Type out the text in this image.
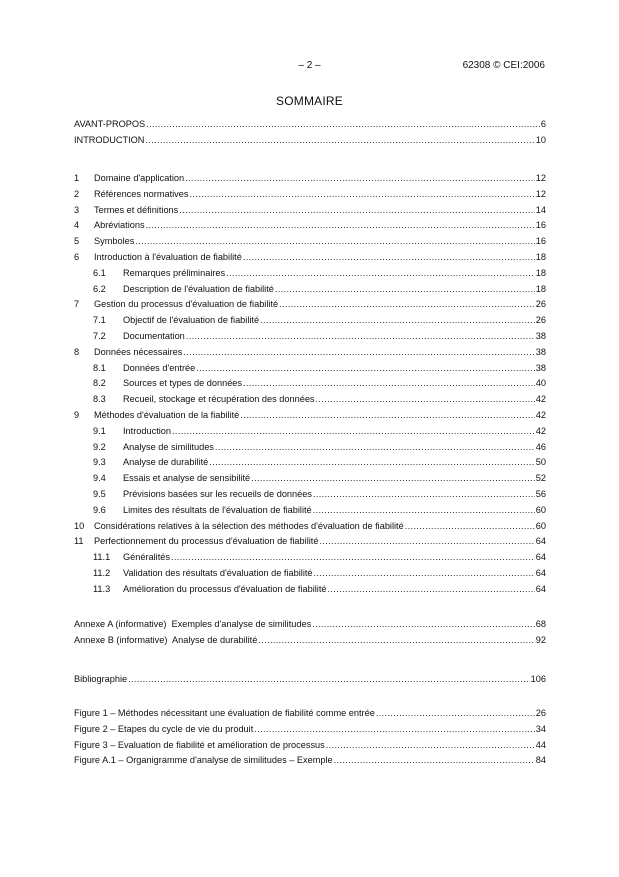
– 2 –	62308 © CEI:2006
SOMMAIRE
AVANT-PROPOS . . .	6
INTRODUCTION . . .	10
1	Domaine d'application . . .	12
2	Références normatives . . .	12
3	Termes et définitions . . .	14
4	Abréviations . . .	16
5	Symboles . . .	16
6	Introduction à l'évaluation de fiabilité . . .	18
6.1	Remarques préliminaires . . .	18
6.2	Description de l'évaluation de fiabilité . . .	18
7	Gestion du processus d'évaluation de fiabilité . . .	26
7.1	Objectif de l'évaluation de fiabilité . . .	26
7.2	Documentation . . .	38
8	Données nécessaires . . .	38
8.1	Données d'entrée . . .	38
8.2	Sources et types de données . . .	40
8.3	Recueil, stockage et récupération des données . . .	42
9	Méthodes d'évaluation de la fiabilité . . .	42
9.1	Introduction . . .	42
9.2	Analyse de similitudes . . .	46
9.3	Analyse de durabilité . . .	50
9.4	Essais et analyse de sensibilité . . .	52
9.5	Prévisions basées sur les recueils de données . . .	56
9.6	Limites des résultats de l'évaluation de fiabilité . . .	60
10	Considérations relatives à la sélection des méthodes d'évaluation de fiabilité . . .	60
11	Perfectionnement du processus d'évaluation de fiabilité . . .	64
11.1	Généralités . . .	64
11.2	Validation des résultats d'évaluation de fiabilité . . .	64
11.3	Amélioration du processus d'évaluation de fiabilité . . .	64
Annexe A (informative)  Exemples d'analyse de similitudes . . .	68
Annexe B (informative)  Analyse de durabilité . . .	92
Bibliographie . . .	106
Figure 1 – Méthodes nécessitant une évaluation de fiabilité comme entrée . . .	26
Figure 2 – Etapes du cycle de vie du produit . . .	34
Figure 3 – Evaluation de fiabilité et amélioration de processus . . .	44
Figure A.1 – Organigramme d'analyse de similitudes – Exemple . . .	84
